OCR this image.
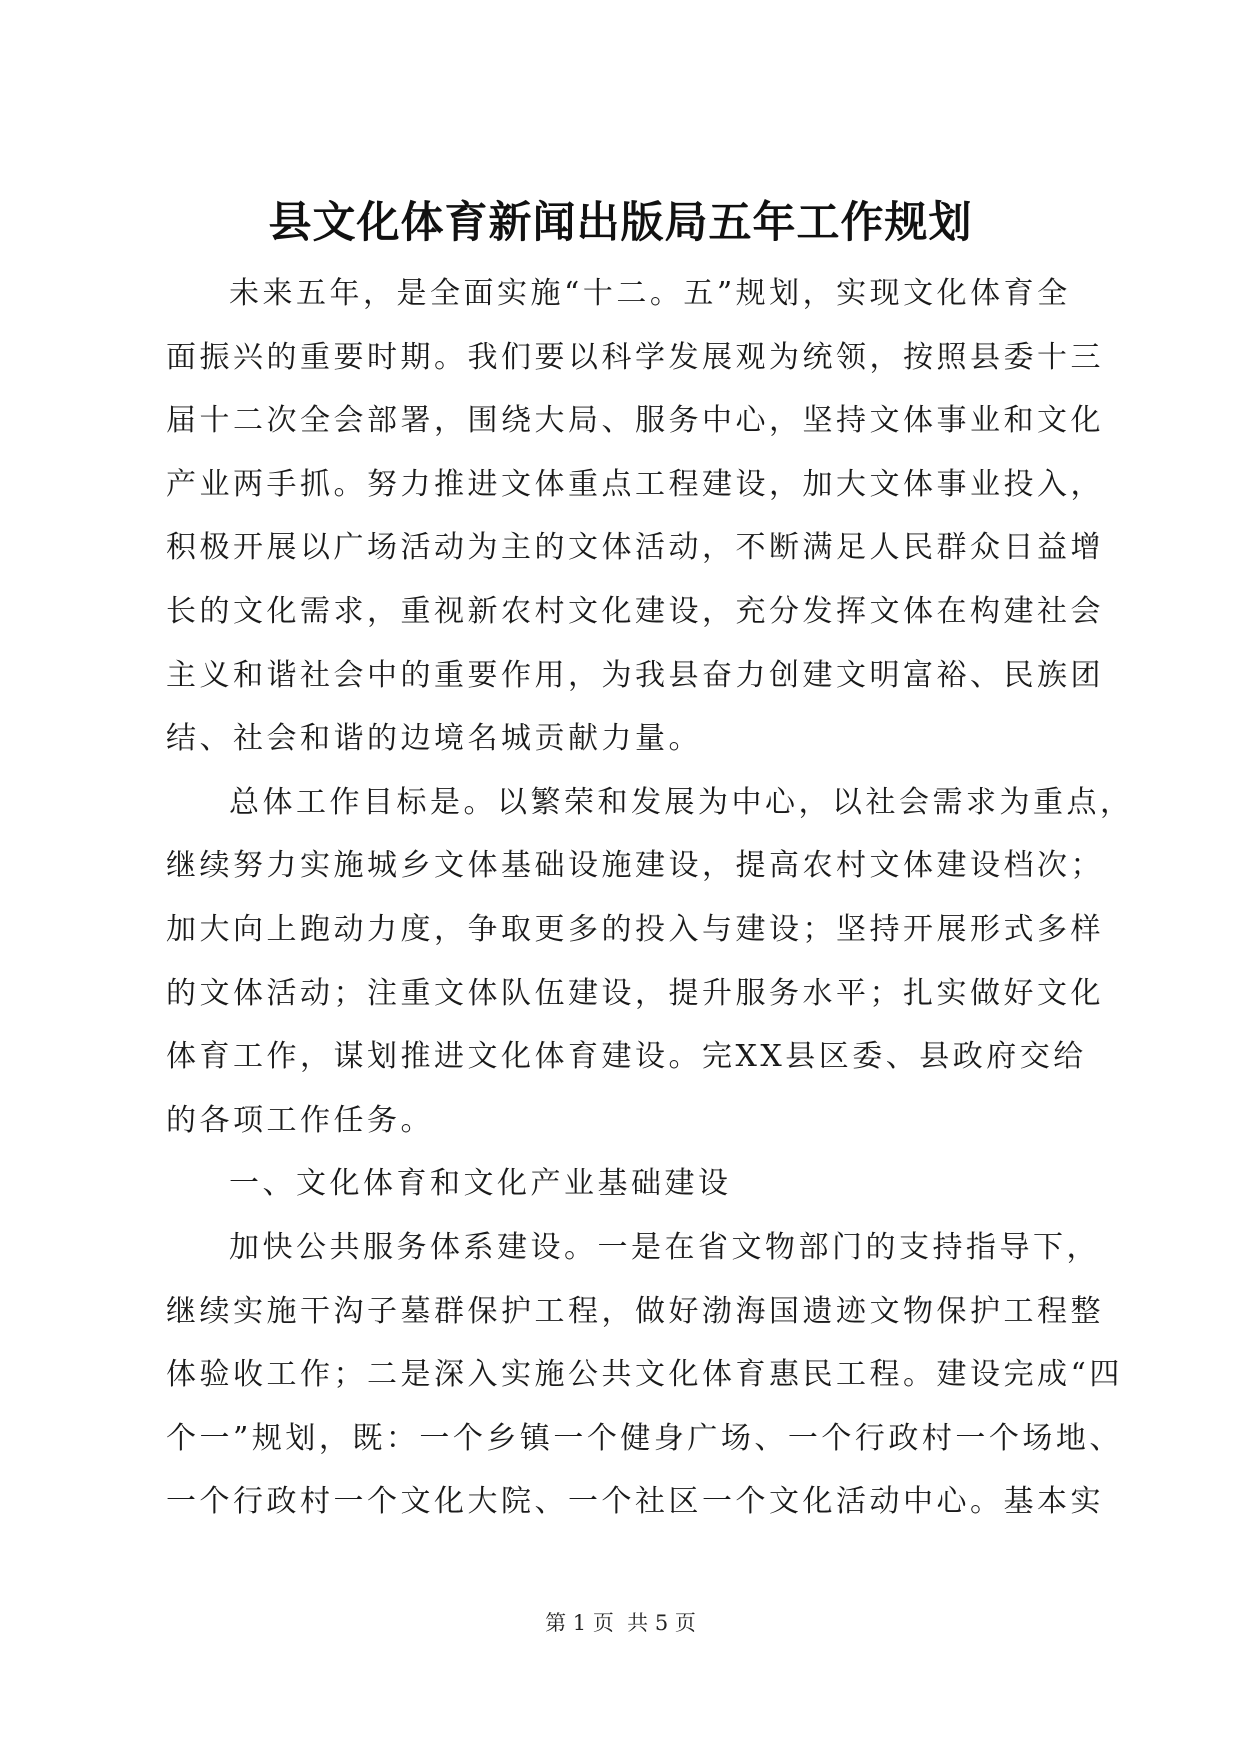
县文化体育新闻出版局五年工作规划

未来五年，是全面实施“十二。五”规划，实现文化体育全
面振兴的重要时期。我们要以科学发展观为统领，按照县委十三
届十二次全会部署，围绕大局、服务中心，坚持文体事业和文化
产业两手抓。努力推进文体重点工程建设，加大文体事业投入，
积极开展以广场活动为主的文体活动，不断满足人民群众日益增
长的文化需求，重视新农村文化建设，充分发挥文体在构建社会
主义和谐社会中的重要作用，为我县奋力创建文明富裕、民族团
结、社会和谐的边境名城贡献力量。

总体工作目标是。以繁荣和发展为中心，以社会需求为重点，
继续努力实施城乡文体基础设施建设，提高农村文体建设档次；
加大向上跑动力度，争取更多的投入与建设；坚持开展形式多样
的文体活动；注重文体队伍建设，提升服务水平；扎实做好文化
体育工作，谋划推进文化体育建设。完XX县区委、县政府交给
的各项工作任务。

一、文化体育和文化产业基础建设

加快公共服务体系建设。一是在省文物部门的支持指导下，
继续实施干沟子墓群保护工程，做好渤海国遗迹文物保护工程整
体验收工作；二是深入实施公共文化体育惠民工程。建设完成“四
个一”规划，既：一个乡镇一个健身广场、一个行政村一个场地、
一个行政村一个文化大院、一个社区一个文化活动中心。基本实

第 1 页  共 5 页
